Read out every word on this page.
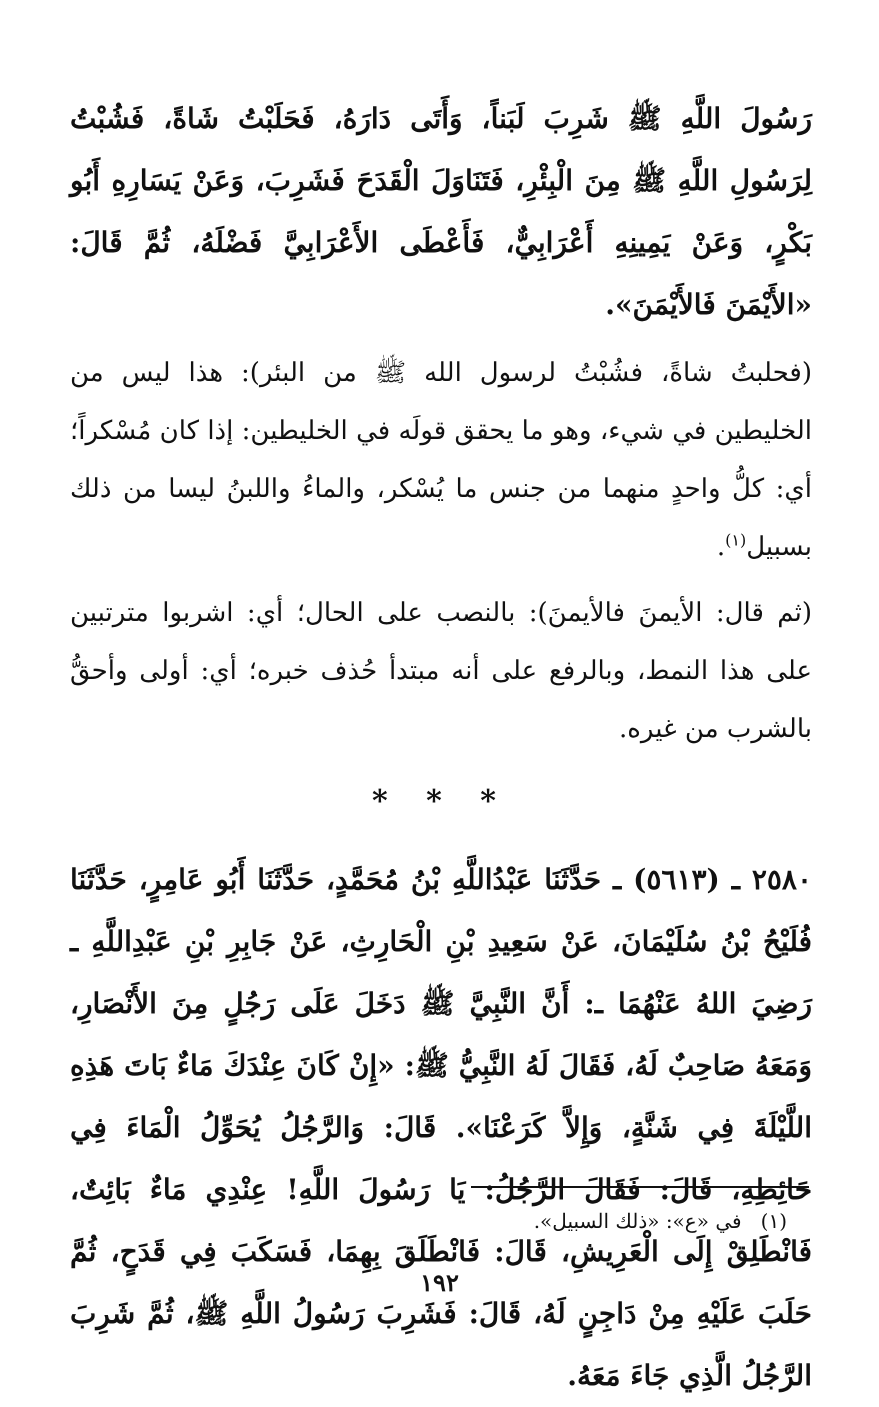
رَسُولَ اللَّهِ ﷺ شَرِبَ لَبَناً، وَأَتَى دَارَهُ، فَحَلَبْتُ شَاةً، فَشُبْتُ لِرَسُولِ اللَّهِ ﷺ مِنَ الْبِئْرِ، فَتَنَاوَلَ الْقَدَحَ فَشَرِبَ، وَعَنْ يَسَارِهِ أَبُو بَكْرٍ، وَعَنْ يَمِينِهِ أَعْرَابِيٌّ، فَأَعْطَى الأَعْرَابِيَّ فَضْلَهُ، ثُمَّ قَالَ: «الأَيْمَنَ فَالأَيْمَنَ».

(فحلبتُ شاةً، فشُبْتُ لرسول الله ﷺ من البئر): هذا ليس من الخليطين في شيء، وهو ما يحقق قولَه في الخليطين: إذا كان مُسْكراً؛ أي: كلُّ واحدٍ منهما من جنس ما يُسْكر، والماءُ واللبنُ ليسا من ذلك بسبيل$^{(١)}$.

(ثم قال: الأيمنَ فالأيمنَ): بالنصب على الحال؛ أي: اشربوا مترتبين على هذا النمط، وبالرفع على أنه مبتدأ حُذف خبره؛ أي: أولى وأحقُّ بالشرب من غيره.

* * *

٢٥٨٠ ـ (٥٦١٣) ـ حَدَّثَنَا عَبْدُاللَّهِ بْنُ مُحَمَّدٍ، حَدَّثَنَا أَبُو عَامِرٍ، حَدَّثَنَا فُلَيْحُ بْنُ سُلَيْمَانَ، عَنْ سَعِيدِ بْنِ الْحَارِثِ، عَنْ جَابِرِ بْنِ عَبْدِاللَّهِ ـ رَضِيَ اللهُ عَنْهُمَا ـ: أَنَّ النَّبِيَّ ﷺ دَخَلَ عَلَى رَجُلٍ مِنَ الأَنْصَارِ، وَمَعَهُ صَاحِبٌ لَهُ، فَقَالَ لَهُ النَّبِيُّ ﷺ: «إِنْ كَانَ عِنْدَكَ مَاءٌ بَاتَ هَذِهِ اللَّيْلَةَ فِي شَنَّةٍ، وَإِلاَّ كَرَعْنَا». قَالَ: وَالرَّجُلُ يُحَوِّلُ الْمَاءَ فِي حَائِطِهِ، قَالَ: فَقَالَ الرَّجُلُ: يَا رَسُولَ اللَّهِ! عِنْدِي مَاءٌ بَائِتٌ، فَانْطَلِقْ إِلَى الْعَرِيشِ، قَالَ: فَانْطَلَقَ بِهِمَا، فَسَكَبَ فِي قَدَحٍ، ثُمَّ حَلَبَ عَلَيْهِ مِنْ دَاجِنٍ لَهُ، قَالَ: فَشَرِبَ رَسُولُ اللَّهِ ﷺ، ثُمَّ شَرِبَ الرَّجُلُ الَّذِي جَاءَ مَعَهُ.

(١)   في «ع»: «ذلك السبيل».
١٩٢
